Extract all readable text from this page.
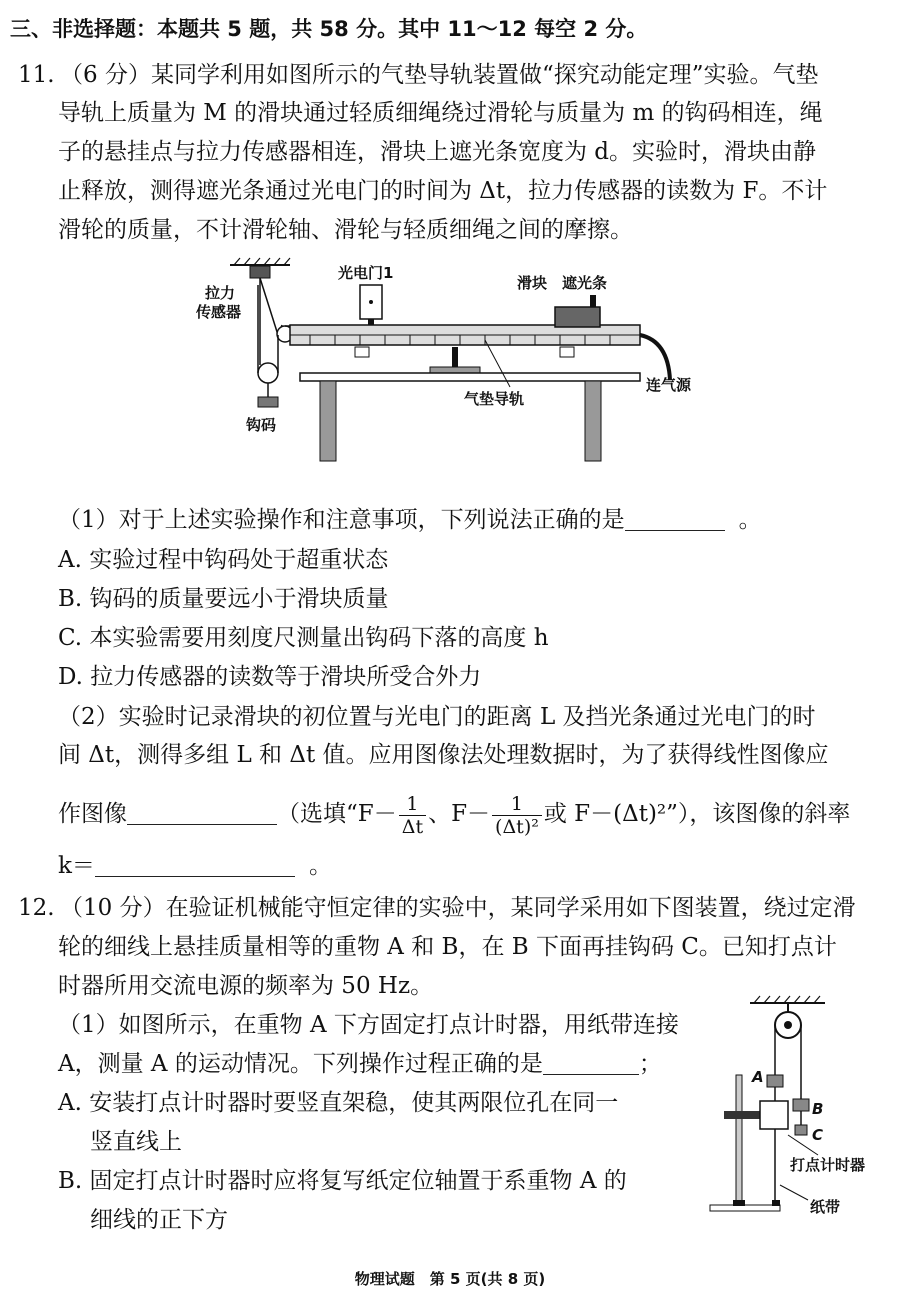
三、非选择题：本题共 5 题，共 58 分。其中 11～12 每空 2 分。
11. （6 分）某同学利用如图所示的气垫导轨装置做“探究动能定理”实验。气垫
导轨上质量为 M 的滑块通过轻质细绳绕过滑轮与质量为 m 的钩码相连，绳
子的悬挂点与拉力传感器相连，滑块上遮光条宽度为 d。实验时，滑块由静
止释放，测得遮光条通过光电门的时间为 Δt，拉力传感器的读数为 F。不计
滑轮的质量，不计滑轮轴、滑轮与轻质细绳之间的摩擦。
拉力
传感器
光电门1
滑块 遮光条
钩码
连气源
气垫导轨
（1）对于上述实验操作和注意事项，下列说法正确的是	。
A. 实验过程中钩码处于超重状态
B. 钩码的质量要远小于滑块质量
C. 本实验需要用刻度尺测量出钩码下落的高度 h
D. 拉力传感器的读数等于滑块所受合外力
（2）实验时记录滑块的初位置与光电门的距离 L 及挡光条通过光电门的时
间 Δt，测得多组 L 和 Δt 值。应用图像法处理数据时，为了获得线性图像应
作图像	（选填“$F- \frac{1}{\Delta t}$ 、$F- \frac{1}{\text{(Δt)²}}$ 或 F－(Δt)²”），该图像的斜率
k＝	。
12. （10 分）在验证机械能守恒定律的实验中，某同学采用如下图装置，绕过定滑
轮的细线上悬挂质量相等的重物 A 和 B，在 B 下面再挂钩码 C。已知打点计
时器所用交流电源的频率为 50 Hz。
（1）如图所示，在重物 A 下方固定打点计时器，用纸带连接
A，测量 A 的运动情况。下列操作过程正确的是	；
A. 安装打点计时器时要竖直架稳，使其两限位孔在同一
竖直线上
B. 固定打点计时器时应将复写纸定位轴置于系重物 A 的
细线的正下方
A
B
C
打点计时器
纸带
物理试题　第 5 页(共 8 页)
